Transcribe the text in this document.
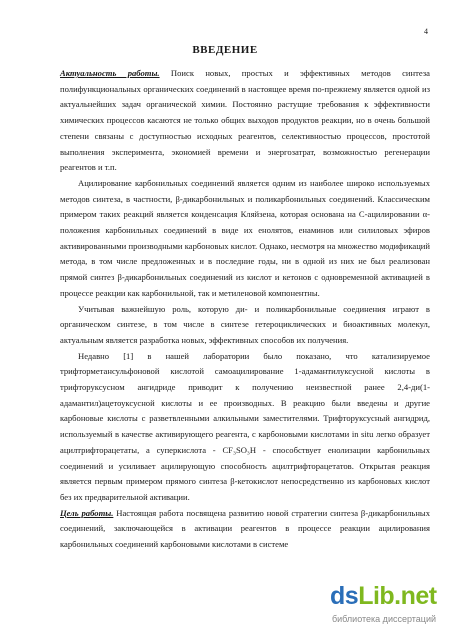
4
ВВЕДЕНИЕ

Актуальность работы. Поиск новых, простых и эффективных методов синтеза полифункциональных органических соединений в настоящее время по-прежнему является одной из актуальнейших задач органической химии. Постоянно растущие требования к эффективности химических процессов касаются не только общих выходов продуктов реакции, но в очень большой степени связаны с доступностью исходных реагентов, селективностью процессов, простотой выполнения эксперимента, экономией времени и энергозатрат, возможностью регенерации реагентов и т.п.

Ацилирование карбонильных соединений является одним из наиболее широко используемых методов синтеза, в частности, β-дикарбонильных и поликарбонильных соединений. Классическим примером таких реакций является конденсация Кляйзена, которая основана на С-ацилировании α-положения карбонильных соединений в виде их енолятов, енаминов или силиловых эфиров активированными производными карбоновых кислот. Однако, несмотря на множество модификаций метода, в том числе предложенных и в последние годы, ни в одной из них не был реализован прямой синтез β-дикарбонильных соединений из кислот и кетонов с одновременной активацией в процессе реакции как карбонильной, так и метиленовой компонентны.

Учитывая важнейшую роль, которую ди- и поликарбонильные соединения играют в органическом синтезе, в том числе в синтезе гетероциклических и биоактивных молекул, актуальным является разработка новых, эффективных способов их получения.

Недавно [1] в нашей лаборатории было показано, что катализируемое трифторметансульфоновой кислотой самоацилирование 1-адамантилуксусной кислоты в трифторуксусном ангидриде приводит к получению неизвестной ранее 2,4-ди(1-адамантил)ацетоуксусной кислоты и ее производных. В реакцию были введены и другие карбоновые кислоты с разветвленными алкильными заместителями. Трифторуксусный ангидрид, используемый в качестве активирующего реагента, с карбоновыми кислотами in situ легко образует ацилтрифторацетаты, а суперкислота - CF₃SO₃H - способствует енолизации карбонильных соединений и усиливает ацилирующую способность ацилтрифторацетатов. Открытая реакция является первым примером прямого синтеза β-кетокислот непосредственно из карбоновых кислот без их предварительной активации.

Цель работы. Настоящая работа посвящена развитию новой стратегии синтеза β-дикарбонильных соединений, заключающейся в активации реагентов в процессе реакции ацилирования карбонильных соединений карбоновыми кислотами в системе

dsLib.net
библиотека диссертаций
